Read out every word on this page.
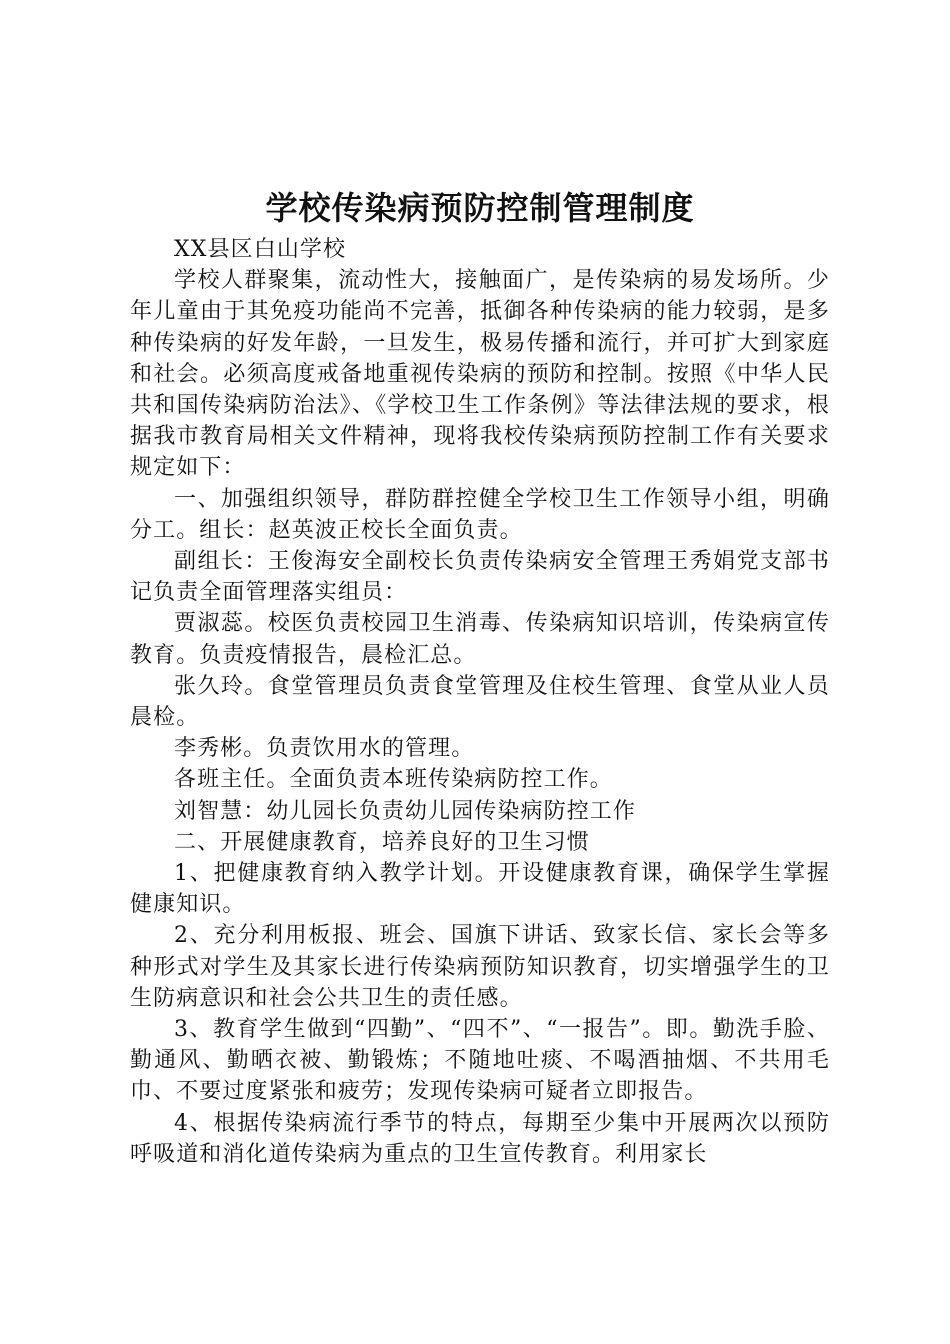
学校传染病预防控制管理制度

XX县区白山学校

学校人群聚集，流动性大，接触面广，是传染病的易发场所。少年儿童由于其免疫功能尚不完善，抵御各种传染病的能力较弱，是多种传染病的好发年龄，一旦发生，极易传播和流行，并可扩大到家庭和社会。必须高度戒备地重视传染病的预防和控制。按照《中华人民共和国传染病防治法》、《学校卫生工作条例》等法律法规的要求，根据我市教育局相关文件精神，现将我校传染病预防控制工作有关要求规定如下：

一、加强组织领导，群防群控健全学校卫生工作领导小组，明确分工。组长：赵英波正校长全面负责。

副组长：王俊海安全副校长负责传染病安全管理王秀娟党支部书记负责全面管理落实组员：

贾淑蕊。校医负责校园卫生消毒、传染病知识培训，传染病宣传教育。负责疫情报告，晨检汇总。

张久玲。食堂管理员负责食堂管理及住校生管理、食堂从业人员晨检。

李秀彬。负责饮用水的管理。

各班主任。全面负责本班传染病防控工作。

刘智慧：幼儿园长负责幼儿园传染病防控工作

二、开展健康教育，培养良好的卫生习惯

1、把健康教育纳入教学计划。开设健康教育课，确保学生掌握健康知识。

2、充分利用板报、班会、国旗下讲话、致家长信、家长会等多种形式对学生及其家长进行传染病预防知识教育，切实增强学生的卫生防病意识和社会公共卫生的责任感。

3、教育学生做到“四勤”、“四不”、“一报告”。即。勤洗手脸、勤通风、勤晒衣被、勤锻炼；不随地吐痰、不喝酒抽烟、不共用毛巾、不要过度紧张和疲劳；发现传染病可疑者立即报告。

4、根据传染病流行季节的特点，每期至少集中开展两次以预防呼吸道和消化道传染病为重点的卫生宣传教育。利用家长
